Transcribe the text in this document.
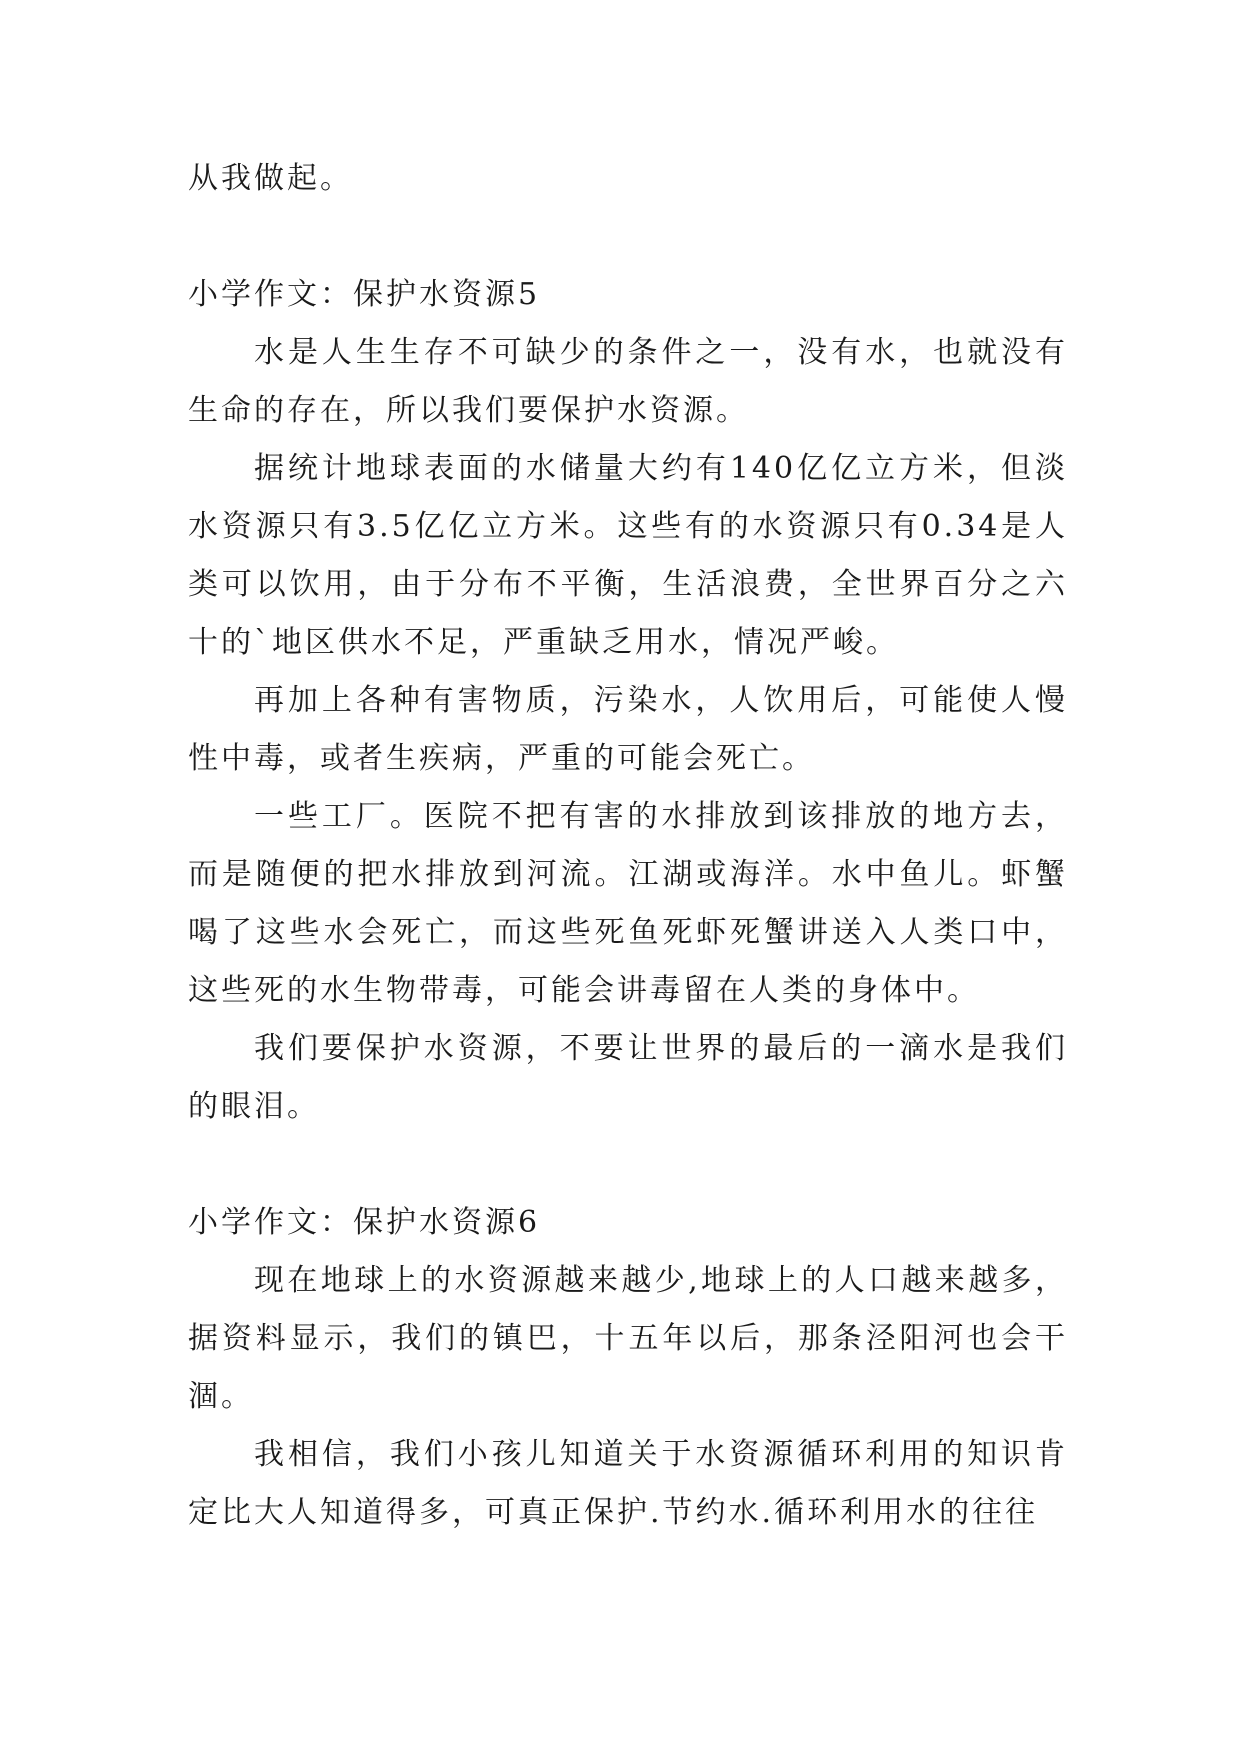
从我做起。

小学作文：保护水资源5

水是人生生存不可缺少的条件之一，没有水，也就没有生命的存在，所以我们要保护水资源。

据统计地球表面的水储量大约有140亿亿立方米，但淡水资源只有3.5亿亿立方米。这些有的水资源只有0.34是人类可以饮用，由于分布不平衡，生活浪费，全世界百分之六十的`地区供水不足，严重缺乏用水，情况严峻。

再加上各种有害物质，污染水，人饮用后，可能使人慢性中毒，或者生疾病，严重的可能会死亡。

一些工厂。医院不把有害的水排放到该排放的地方去，而是随便的把水排放到河流。江湖或海洋。水中鱼儿。虾蟹喝了这些水会死亡，而这些死鱼死虾死蟹讲送入人类口中，这些死的水生物带毒，可能会讲毒留在人类的身体中。

我们要保护水资源，不要让世界的最后的一滴水是我们的眼泪。

小学作文：保护水资源6

现在地球上的水资源越来越少,地球上的人口越来越多，据资料显示，我们的镇巴，十五年以后，那条泾阳河也会干涸。

我相信，我们小孩儿知道关于水资源循环利用的知识肯定比大人知道得多，可真正保护.节约水.循环利用水的往往
